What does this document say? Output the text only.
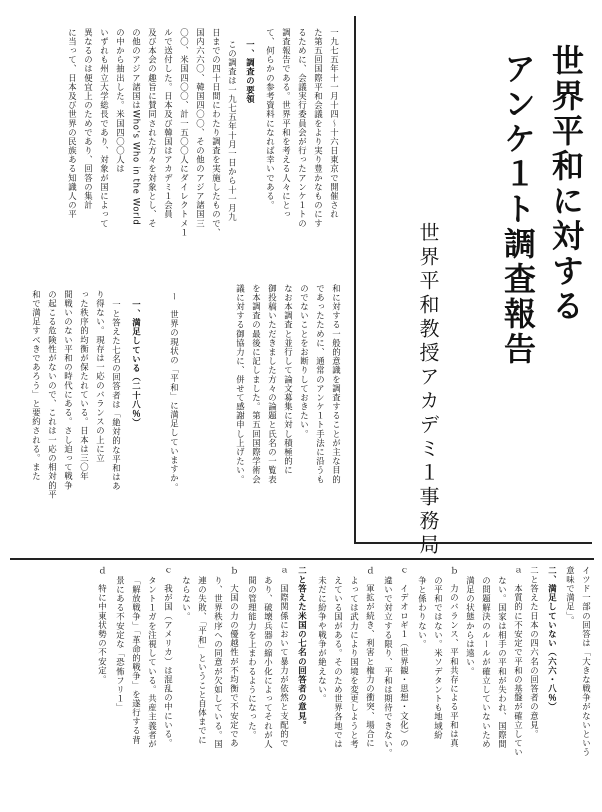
一九七五年十一月十四〜十六日東京で開催され
た第五回国際平和会議をより実り豊かなものにす
るために、会議実行委員会が行ったアンケ１トの
調査報告である。世界平和を考える人々にとっ
て、何らかの参考資料になれば幸いである。
一、調査の要領
この調査は一九七五年十月一日から十一月九
日までの四十日間にわたり調査を実施したもので、
国内六六〇、韓国四〇〇、その他のアジア諸国三
〇〇、米国四〇〇、計一五〇〇人にダイレクトメ１
ルで送付した。日本及び韓国はアカデミ１会員
及び本会の趣旨に賛同された方々を対象とし、そ
の他のアジア諸国はWho's Who in the World
の中から抽出した。米国四〇〇人は
いずれも州立大学総長であり、対象が国によって
異なるのは便宜上のためであり、回答の集計
に当って、日本及び世界の民族ある知識人の平
和に対する一般的意識を調査することが主な目的
であったために、通常のアンケ１ト手法に沿うも
のでないことをお断りしておきたい。
なお本調査と並行して論文募集に対し積極的に
御投稿いただきました方々の論題と氏名の一覧表
を本調査の最後に記しました。第五回国際学術会
議に対する御協力に、併せて感謝申し上げたい。
ー　世界の現状の「平和」に満足していますか。
一、満足している（二十八％）
一と答えた七名の回答者は「絶対的な平和はあ
り得ない。現存は一応のバランスの上に立
った秩序的均衡が保たれている。日本は三〇年
間戦いのない平和の時代にある。さし迫って戦争
の起こる危険性がないので、これは一応の相対的平
和で満足すべきであろう」と要約される。また
世界平和に対する
アンケ１ト調査報告
世界平和教授アカデミ１事務局
イツド一部の回答は「大きな戦争がないという
意味で満足」。
二、満足していない（六六・八％）
二と答えた日本の四六名の回答者の意見。
ａ　本質的に不安定で平和の基盤が確立してい
ない。国家は相手の平和が失われ、国際間
の問題解決のルールが確立していないため
満足の状態からは遠い。
ｂ　力のバランス、平和共存による平和は真
の平和ではない。米ソデタントも地域紛
争と係わりない。
ｃ　イデオロギ１（世界観・思想・文化）の
違いで対立する限り、平和は期待できない。
ｄ　軍拡が続き、利害と権力の衝突、場合に
よっては武力により国境を変更しようと考
えている国がある。そのため世界各地では
未だに紛争や戦争が絶えない。
二と答えた米国の七名の回答者の意見。
ａ　国際関係において暴力が依然と支配的で
あり、破壊兵器の縮小化によってそれが人
間の管理能力を上まわるようになった。
ｂ　大国の力の優越性が不均衡で不安定であ
り、世界秩序への同意が欠如している。国
連の失敗、「平和」ということ自体までに
ならない。
ｃ　我が国（アメリカ）は混乱の中にいる。
タント１ガを注視している。共産主義者が
「解放戦争」「革命的戦争」を遂行する背
景にある不安定な「恐怖フリ１」
ｄ　特に中東状勢の不安定。
